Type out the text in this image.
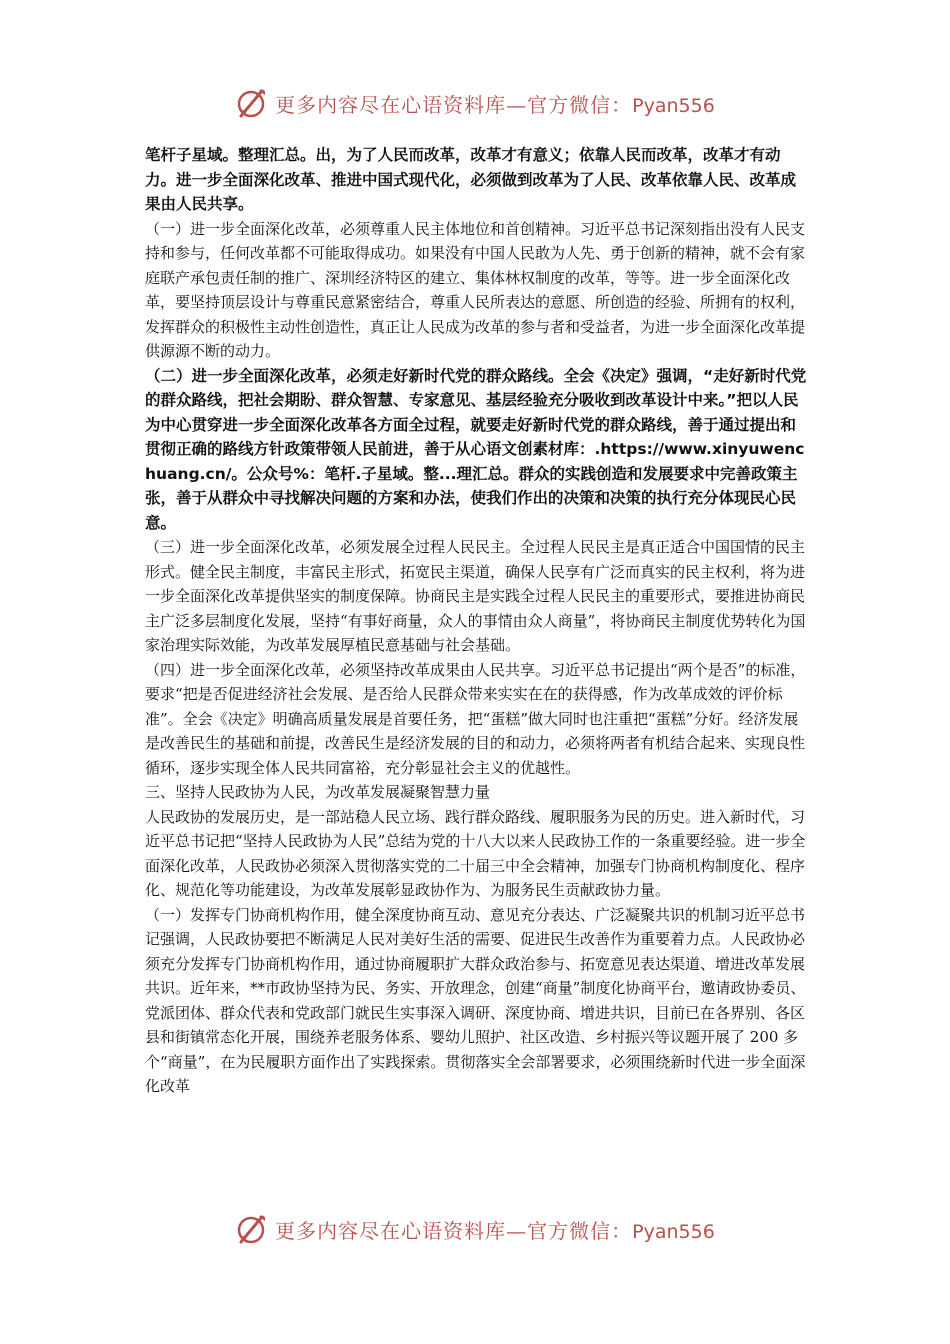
更多内容尽在心语资料库—官方微信：Pyan556

笔杆子星域。整理汇总。出，为了人民而改革，改革才有意义；依靠人民而改革，改革才有动力。进一步全面深化改革、推进中国式现代化，必须做到改革为了人民、改革依靠人民、改革成果由人民共享。

（一）进一步全面深化改革，必须尊重人民主体地位和首创精神。习近平总书记深刻指出没有人民支持和参与，任何改革都不可能取得成功。如果没有中国人民敢为人先、勇于创新的精神，就不会有家庭联产承包责任制的推广、深圳经济特区的建立、集体林权制度的改革，等等。进一步全面深化改革，要坚持顶层设计与尊重民意紧密结合，尊重人民所表达的意愿、所创造的经验、所拥有的权利，发挥群众的积极性主动性创造性，真正让人民成为改革的参与者和受益者，为进一步全面深化改革提供源源不断的动力。

（二）进一步全面深化改革，必须走好新时代党的群众路线。全会《决定》强调，“走好新时代党的群众路线，把社会期盼、群众智慧、专家意见、基层经验充分吸收到改革设计中来。”把以人民为中心贯穿进一步全面深化改革各方面全过程，就要走好新时代党的群众路线，善于通过提出和贯彻正确的路线方针政策带领人民前进，善于从心语文创素材库：.https://www.xinyuwenchuang.cn/。公众号%：笔杆.子星域。整...理汇总。群众的实践创造和发展要求中完善政策主张，善于从群众中寻找解决问题的方案和办法，使我们作出的决策和决策的执行充分体现民心民意。

（三）进一步全面深化改革，必须发展全过程人民民主。全过程人民民主是真正适合中国国情的民主形式。健全民主制度，丰富民主形式，拓宽民主渠道，确保人民享有广泛而真实的民主权利，将为进一步全面深化改革提供坚实的制度保障。协商民主是实践全过程人民民主的重要形式，要推进协商民主广泛多层制度化发展，坚持“有事好商量，众人的事情由众人商量”，将协商民主制度优势转化为国家治理实际效能，为改革发展厚植民意基础与社会基础。

（四）进一步全面深化改革，必须坚持改革成果由人民共享。习近平总书记提出“两个是否”的标准，要求“把是否促进经济社会发展、是否给人民群众带来实实在在的获得感，作为改革成效的评价标准”。全会《决定》明确高质量发展是首要任务，把“蛋糕”做大同时也注重把“蛋糕”分好。经济发展是改善民生的基础和前提，改善民生是经济发展的目的和动力，必须将两者有机结合起来、实现良性循环，逐步实现全体人民共同富裕，充分彰显社会主义的优越性。

三、坚持人民政协为人民，为改革发展凝聚智慧力量

人民政协的发展历史，是一部站稳人民立场、践行群众路线、履职服务为民的历史。进入新时代，习近平总书记把“坚持人民政协为人民”总结为党的十八大以来人民政协工作的一条重要经验。进一步全面深化改革，人民政协必须深入贯彻落实党的二十届三中全会精神，加强专门协商机构制度化、程序化、规范化等功能建设，为改革发展彰显政协作为、为服务民生贡献政协力量。

（一）发挥专门协商机构作用，健全深度协商互动、意见充分表达、广泛凝聚共识的机制习近平总书记强调，人民政协要把不断满足人民对美好生活的需要、促进民生改善作为重要着力点。人民政协必须充分发挥专门协商机构作用，通过协商履职扩大群众政治参与、拓宽意见表达渠道、增进改革发展共识。近年来，**市政协坚持为民、务实、开放理念，创建“商量”制度化协商平台，邀请政协委员、党派团体、群众代表和党政部门就民生实事深入调研、深度协商、增进共识，目前已在各界别、各区县和街镇常态化开展，围绕养老服务体系、婴幼儿照护、社区改造、乡村振兴等议题开展了 200 多个“商量”，在为民履职方面作出了实践探索。贯彻落实全会部署要求，必须围绕新时代进一步全面深化改革

更多内容尽在心语资料库—官方微信：Pyan556
